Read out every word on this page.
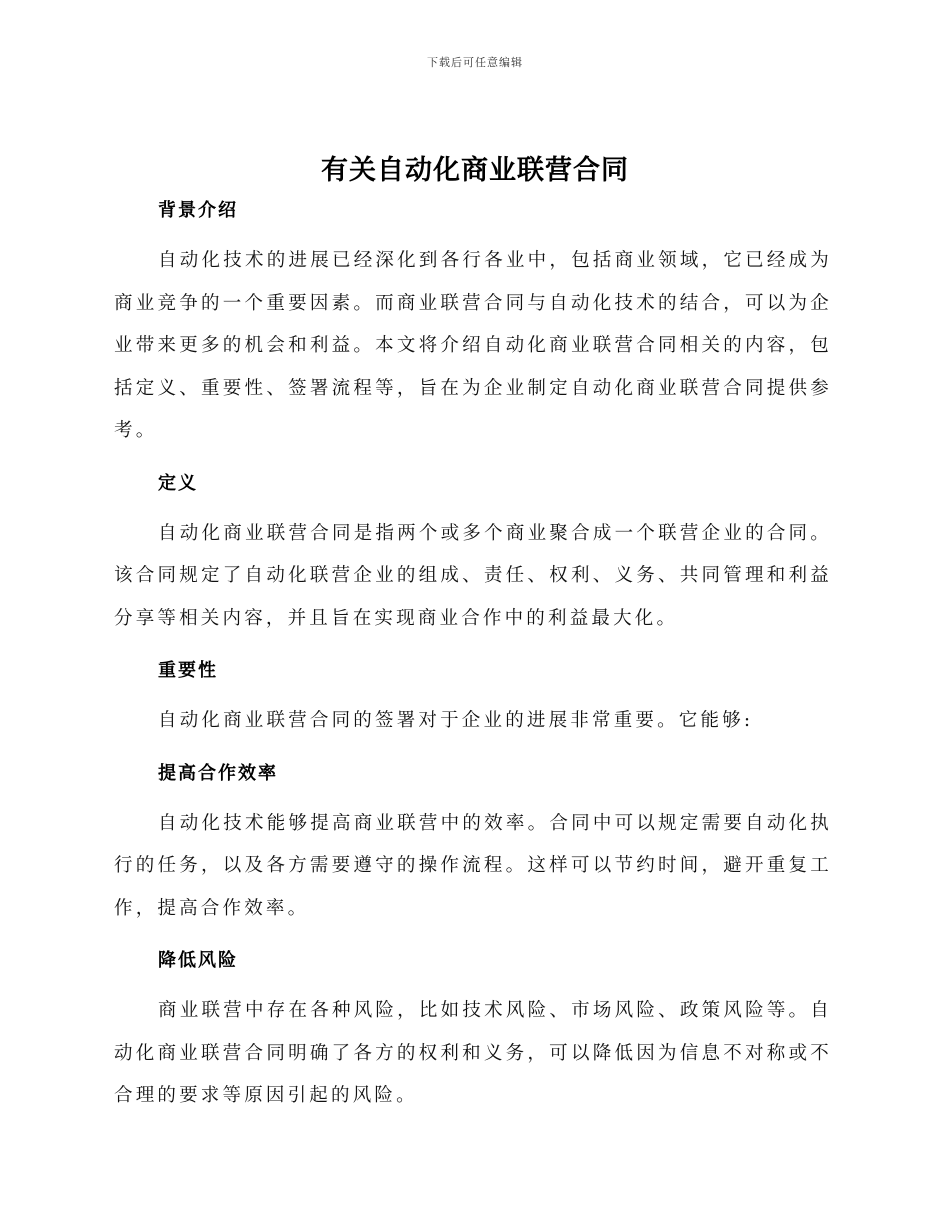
下载后可任意编辑
有关自动化商业联营合同
背景介绍

自动化技术的进展已经深化到各行各业中，包括商业领域，它已经成为商业竞争的一个重要因素。而商业联营合同与自动化技术的结合，可以为企业带来更多的机会和利益。本文将介绍自动化商业联营合同相关的内容，包括定义、重要性、签署流程等，旨在为企业制定自动化商业联营合同提供参考。

定义

自动化商业联营合同是指两个或多个商业聚合成一个联营企业的合同。该合同规定了自动化联营企业的组成、责任、权利、义务、共同管理和利益分享等相关内容，并且旨在实现商业合作中的利益最大化。

重要性

自动化商业联营合同的签署对于企业的进展非常重要。它能够:

提高合作效率

自动化技术能够提高商业联营中的效率。合同中可以规定需要自动化执行的任务，以及各方需要遵守的操作流程。这样可以节约时间，避开重复工作，提高合作效率。

降低风险

商业联营中存在各种风险，比如技术风险、市场风险、政策风险等。自动化商业联营合同明确了各方的权利和义务，可以降低因为信息不对称或不合理的要求等原因引起的风险。
